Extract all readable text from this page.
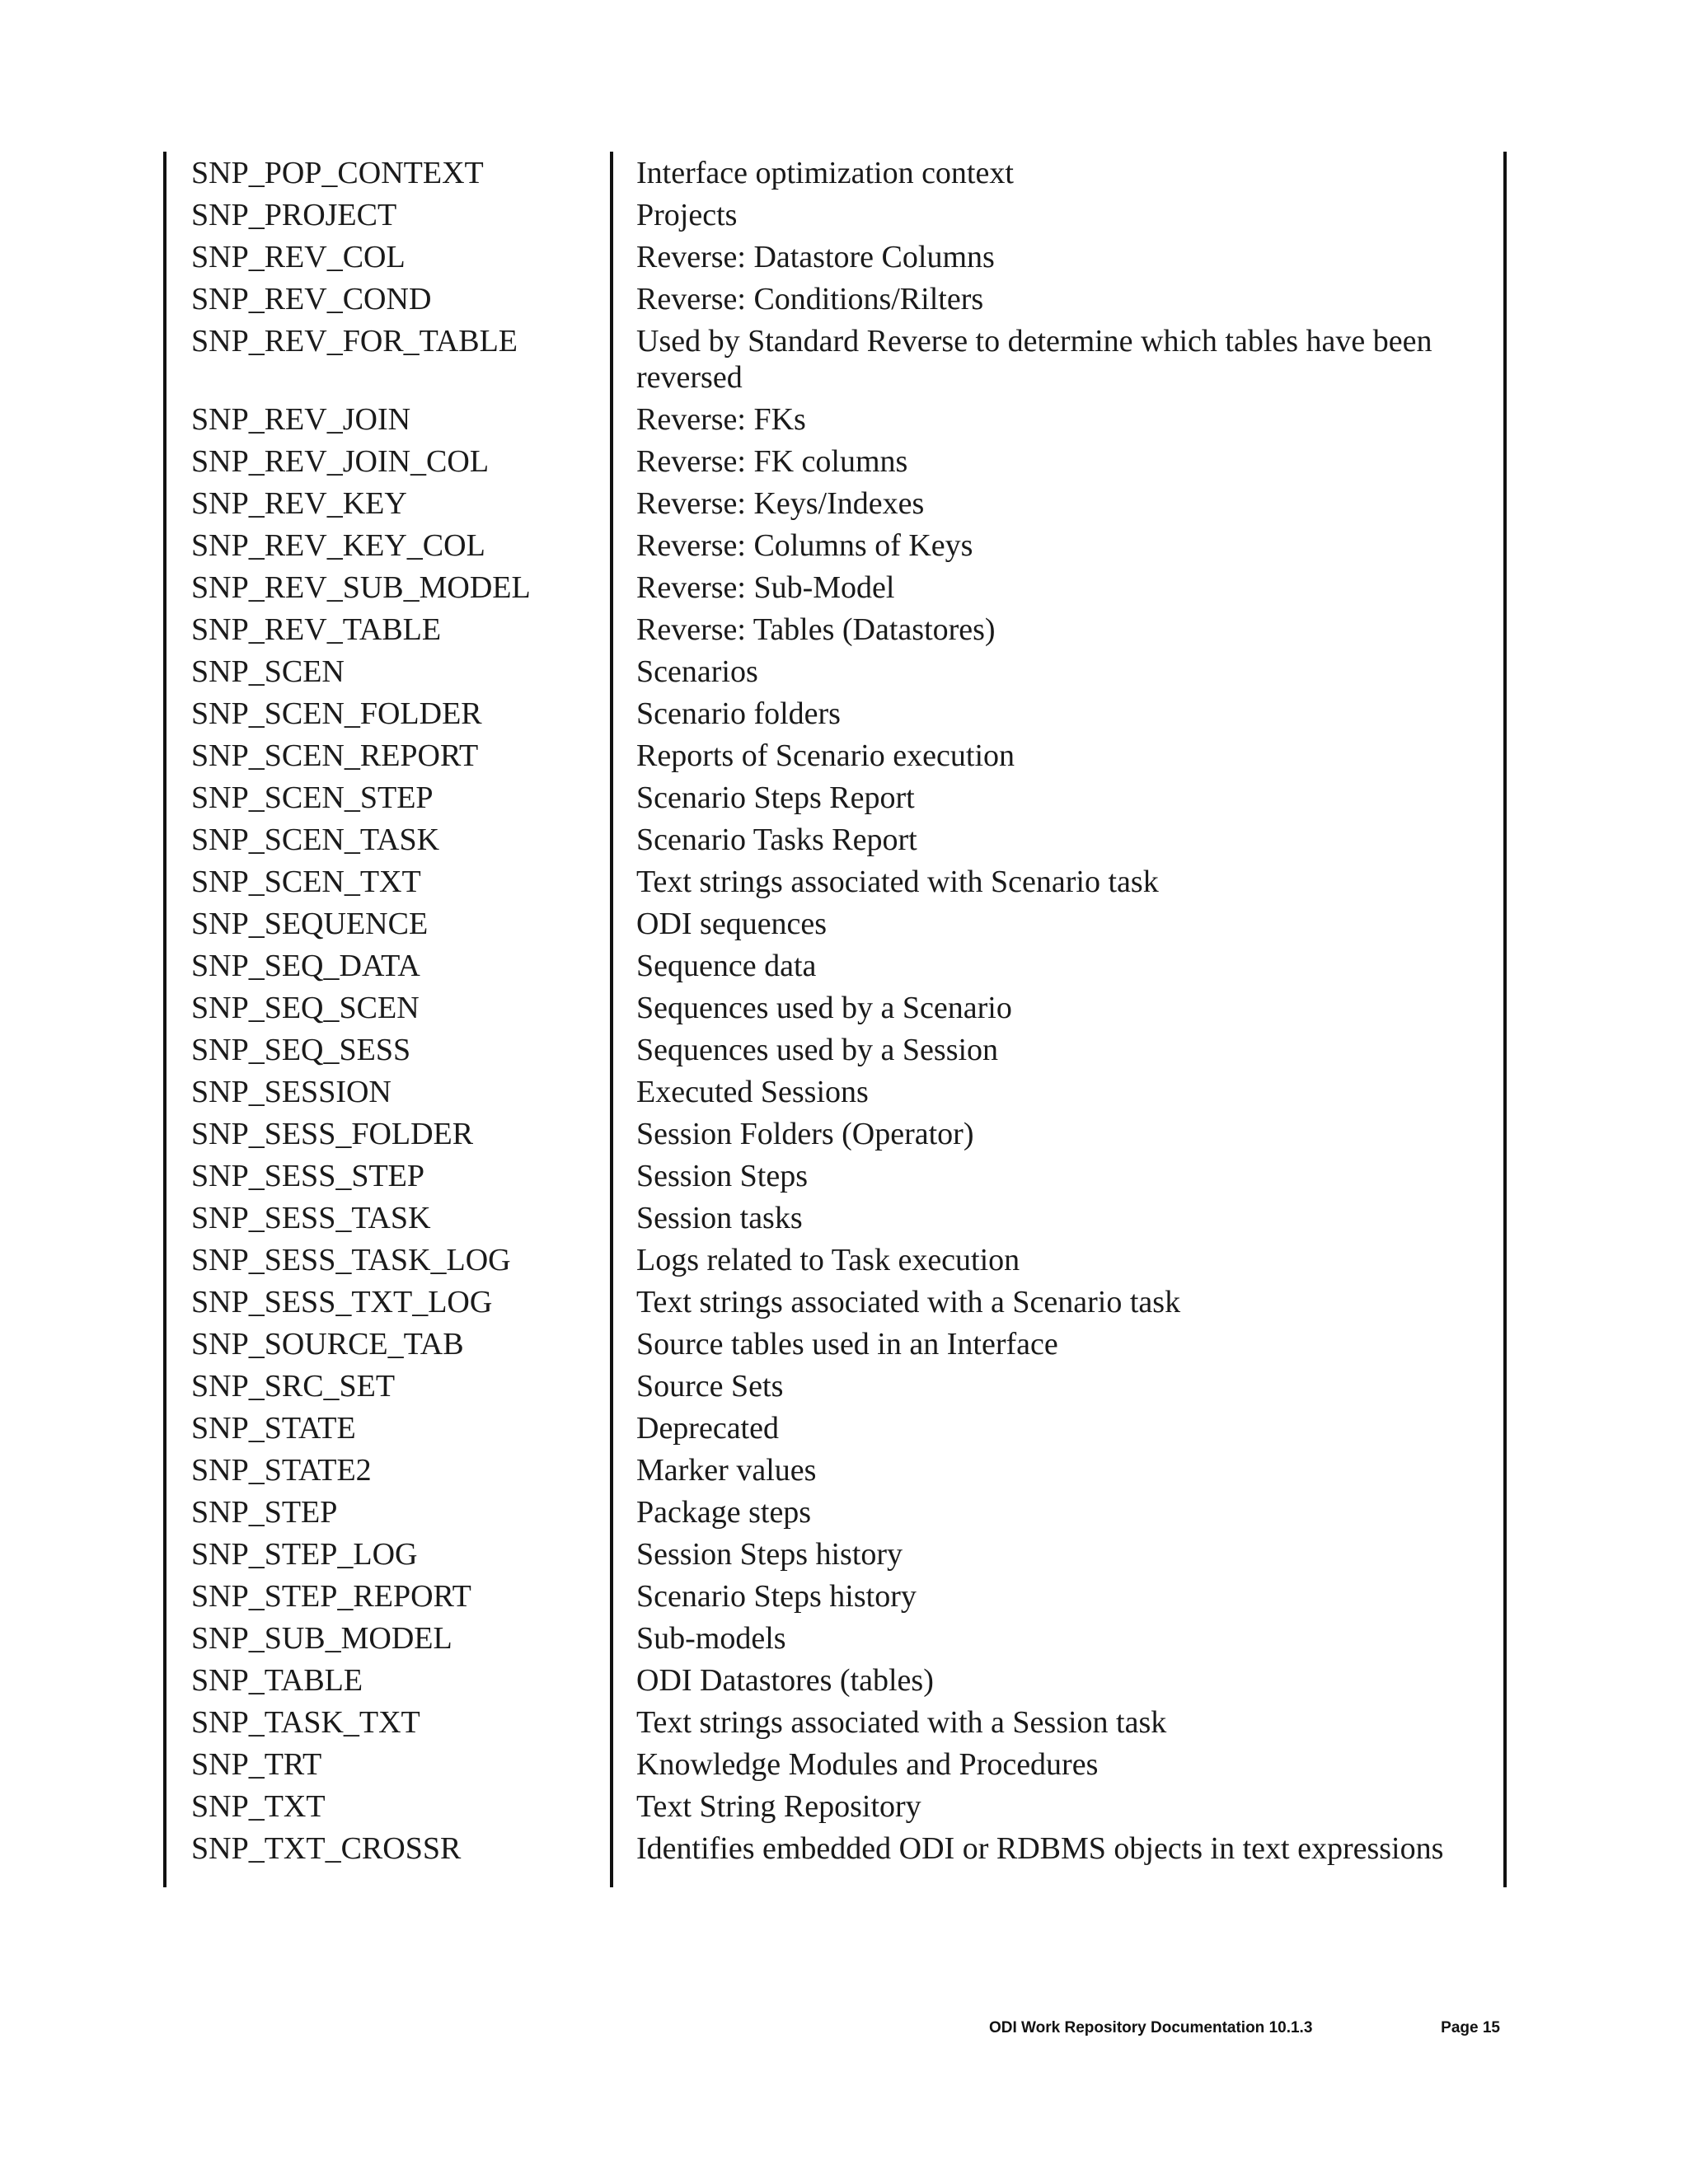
SNP_POP_CONTEXT	Interface optimization context
SNP_PROJECT	Projects
SNP_REV_COL	Reverse: Datastore Columns
SNP_REV_COND	Reverse: Conditions/Rilters
SNP_REV_FOR_TABLE	Used by Standard Reverse to determine which tables have been reversed
SNP_REV_JOIN	Reverse: FKs
SNP_REV_JOIN_COL	Reverse: FK columns
SNP_REV_KEY	Reverse: Keys/Indexes
SNP_REV_KEY_COL	Reverse: Columns of Keys
SNP_REV_SUB_MODEL	Reverse: Sub-Model
SNP_REV_TABLE	Reverse: Tables (Datastores)
SNP_SCEN	Scenarios
SNP_SCEN_FOLDER	Scenario folders
SNP_SCEN_REPORT	Reports of Scenario execution
SNP_SCEN_STEP	Scenario Steps Report
SNP_SCEN_TASK	Scenario Tasks Report
SNP_SCEN_TXT	Text strings associated with Scenario task
SNP_SEQUENCE	ODI sequences
SNP_SEQ_DATA	Sequence data
SNP_SEQ_SCEN	Sequences used by a Scenario
SNP_SEQ_SESS	Sequences used by a Session
SNP_SESSION	Executed Sessions
SNP_SESS_FOLDER	Session Folders (Operator)
SNP_SESS_STEP	Session Steps
SNP_SESS_TASK	Session tasks
SNP_SESS_TASK_LOG	Logs related to Task execution
SNP_SESS_TXT_LOG	Text strings associated with a Scenario task
SNP_SOURCE_TAB	Source tables used in an Interface
SNP_SRC_SET	Source Sets
SNP_STATE	Deprecated
SNP_STATE2	Marker values
SNP_STEP	Package steps
SNP_STEP_LOG	Session Steps history
SNP_STEP_REPORT	Scenario Steps history
SNP_SUB_MODEL	Sub-models
SNP_TABLE	ODI Datastores (tables)
SNP_TASK_TXT	Text strings associated with a Session task
SNP_TRT	Knowledge Modules and Procedures
SNP_TXT	Text String Repository
SNP_TXT_CROSSR	Identifies embedded ODI or RDBMS objects in text expressions
ODI Work Repository Documentation 10.1.3	Page 15
